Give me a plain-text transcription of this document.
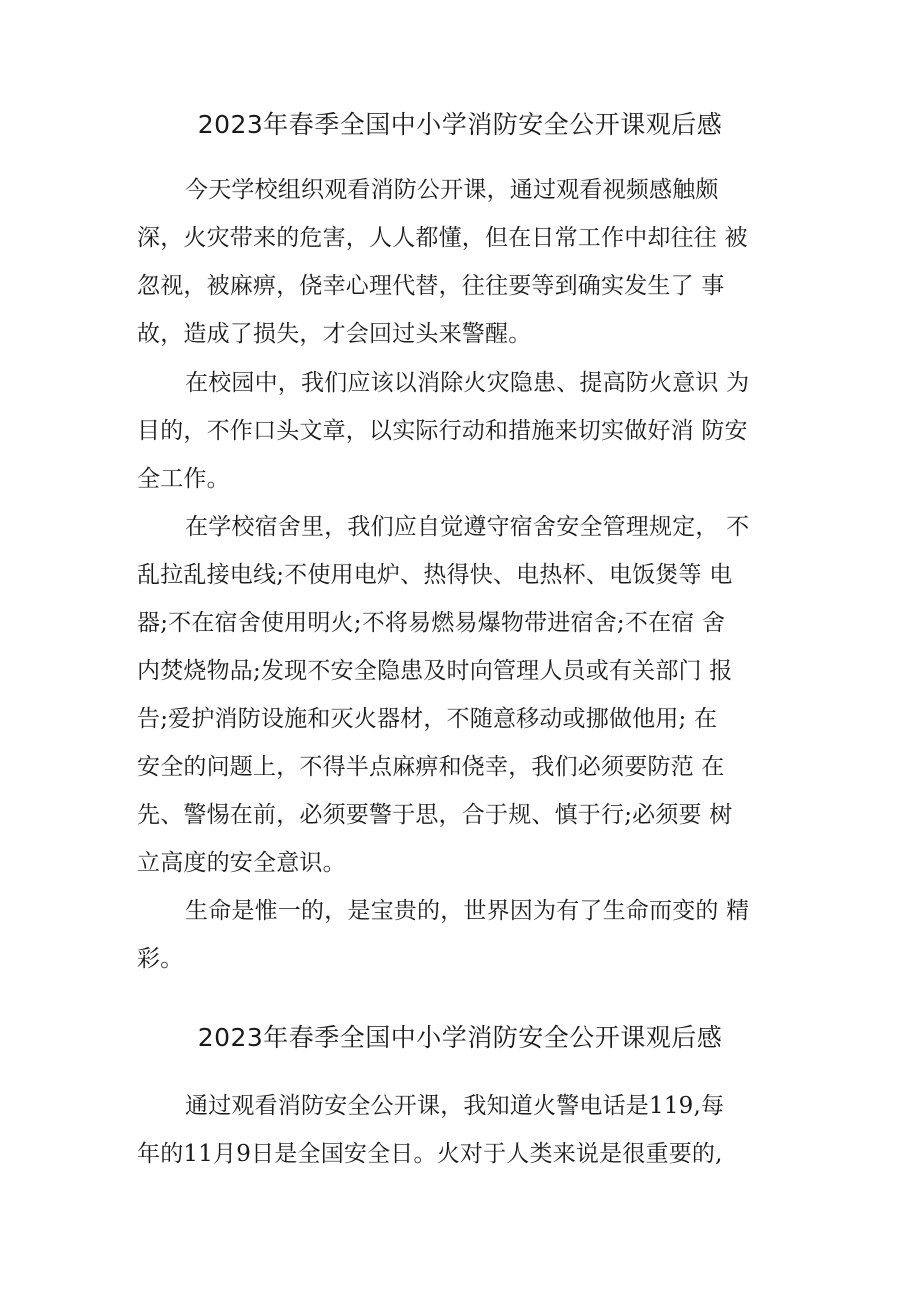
2023年春季全国中小学消防安全公开课观后感
今天学校组织观看消防公开课，通过观看视频感触颇
深，火灾带来的危害，人人都懂，但在日常工作中却往往 被
忽视，被麻痹，侥幸心理代替，往往要等到确实发生了 事
故，造成了损失，才会回过头来警醒。
在校园中，我们应该以消除火灾隐患、提高防火意识 为
目的，不作口头文章，以实际行动和措施来切实做好消 防安
全工作。
在学校宿舍里，我们应自觉遵守宿舍安全管理规定， 不
乱拉乱接电线;不使用电炉、热得快、电热杯、电饭煲等 电
器;不在宿舍使用明火;不将易燃易爆物带进宿舍;不在宿 舍
内焚烧物品;发现不安全隐患及时向管理人员或有关部门 报
告;爱护消防设施和灭火器材，不随意移动或挪做他用; 在
安全的问题上，不得半点麻痹和侥幸，我们必须要防范 在
先、警惕在前，必须要警于思，合于规、慎于行;必须要 树
立高度的安全意识。
生命是惟一的，是宝贵的，世界因为有了生命而变的 精
彩。
2023年春季全国中小学消防安全公开课观后感
通过观看消防安全公开课，我知道火警电话是119,每
年的11月9日是全国安全日。火对于人类来说是很重要的,
